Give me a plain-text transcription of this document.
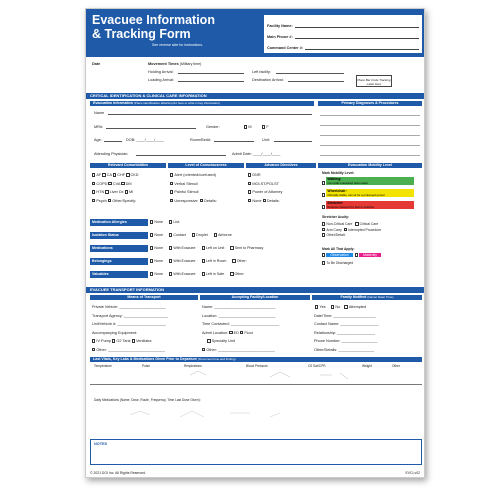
Evacuee Information
& Tracking Form
See reverse side for instructions.
Facility Name:
Main Phone #:
Command Center #:
Date	Movement Times (Military time)
Holding Arrival:
Loading Arrival:
Left facility:
Destination Arrival:	Place Bar Code Tracking Label Here
CRITICAL IDENTIFICATION & CLINICAL CARE INFORMATION
Evacuation Information (Place identification label/imprint here or write in key information)	Primary Diagnoses & Procedures
Name
MR#:	Gender:	M	F
Age:	DOB: ____/____/____	Room/Bed#:	Unit:
Attending Physician:	Admit Date: ____/____/____
Relevant Comorbidities	Level of Consciousness	Advance Directives	Evacuation Mobility Level
AF CA CHF CKD
COPD CVA DM
HTN Liver Dx MI
Psych Other/Specify:
Alert (oriented/confused)
Verbal Stimuli
Painful Stimuli
Unresponsive Details:
DNR
MOLST/POLST
Power of Attorney
None Details:
Mark Mobility Level:
Walking:
Can walk unassisted down stairs
Wheelchair:
Clinically stable, can sit for a prolonged period
Stretcher:
Requires transport by bed or stretcher
Stretcher Acuity:
Non-Critical Care Critical Care
Arm Carry Interrupted Procedure
Other/Detail:
Mark All That Apply:
Observation	Maternity
To Be Discharged
Medication Allergies	None	List:
Isolation Status	None	Contact	Droplet	Airborne
Medications	None	With Evacuee	Left on Unit	Sent to Pharmacy
Belongings	None	With Evacuee	Left in Room	Other:
Valuables	None	With Evacuee	Left in Safe	Other:
EVACUEE TRANSPORT INFORMATION
Means of Transport	Accepting Facility/Location	Family Notified (Name/ Date/ Time)
Private Vehicle: ______________________
Transport Agency: _____________________
Unit/Vehicle #: _______________________
Accompanying Equipment:
IV Pump O2 Tank Ventilator
Other: ___________________________
Name: _____________________________
Location: ___________________________
Time Contacted: _______________________
Admit Location: ED Floor
Specialty Unit
Other: ___________________________
Yes	No Attempted
Date/Time: ____________________
Contact Name: __________________
Relationship: __________________
Phone Number: _________________
Other/Details: _________________
Last Vitals, Key Labs & Medications Given Prior to Departure (Document time and finding)
Temperature	Pulse	Respirations	Blood Pressure	O2 Sat/CPR	Weight	Other
Daily Medications (Name, Dose, Route, Frequency, Time Last Dose Given):
NOTES
© 2021 DGI Inc. All Rights Reserved.	EVCI-v02
